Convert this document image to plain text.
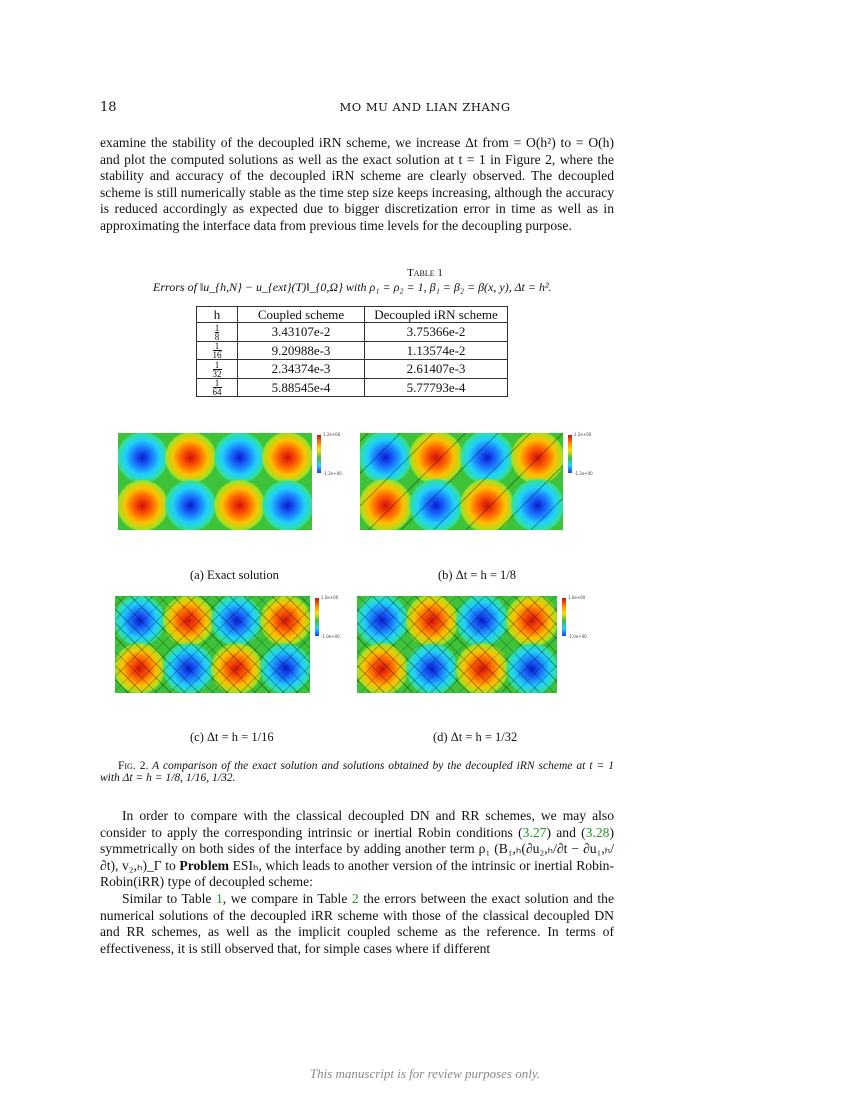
18	MO MU AND LIAN ZHANG

examine the stability of the decoupled iRN scheme, we increase Δt from = O(h²) to = O(h) and plot the computed solutions as well as the exact solution at t = 1 in Figure 2, where the stability and accuracy of the decoupled iRN scheme are clearly observed. The decoupled scheme is still numerically stable as the time step size keeps increasing, although the accuracy is reduced accordingly as expected due to bigger discretization error in time as well as in approximating the interface data from previous time levels for the decoupling purpose.

Table 1
Errors of ‖u_{h,N} − u_{ext}(T)‖_{0,Ω} with ρ₁ = ρ₂ = 1, β₁ = β₂ = β(x, y), Δt = h².
h	Coupled scheme	Decoupled iRN scheme

$\frac{1}{8}$	3.43107e-2	3.75366e-2

$\frac{1}{16}$	9.20988e-3	1.13574e-2

$\frac{1}{32}$	2.34374e-3	2.61407e-3

$\frac{1}{64}$	5.88545e-4	5.77793e-4
1.2e+00
-1.2e+00
(a) Exact solution
1.2e+00
-1.2e+00
(b) Δt = h = 1/8
1.0e+00
-1.0e+00
(c) Δt = h = 1/16
1.0e+00
-1.0e+00
(d) Δt = h = 1/32
Fig. 2. A comparison of the exact solution and solutions obtained by the decoupled iRN scheme at t = 1 with Δt = h = 1/8, 1/16, 1/32.

In order to compare with the classical decoupled DN and RR schemes, we may also consider to apply the corresponding intrinsic or inertial Robin conditions (3.27) and (3.28) symmetrically on both sides of the interface by adding another term ρ₁ (B₁,ₕ(∂u₂,ₕ/∂t − ∂u₁,ₕ/∂t), v₂,ₕ)_Γ to Problem ESIₕ, which leads to another version of the intrinsic or inertial Robin-Robin(iRR) type of decoupled scheme:

Similar to Table 1, we compare in Table 2 the errors between the exact solution and the numerical solutions of the decoupled iRR scheme with those of the classical decoupled DN and RR schemes, as well as the implicit coupled scheme as the reference. In terms of effectiveness, it is still observed that, for simple cases where if different

This manuscript is for review purposes only.
